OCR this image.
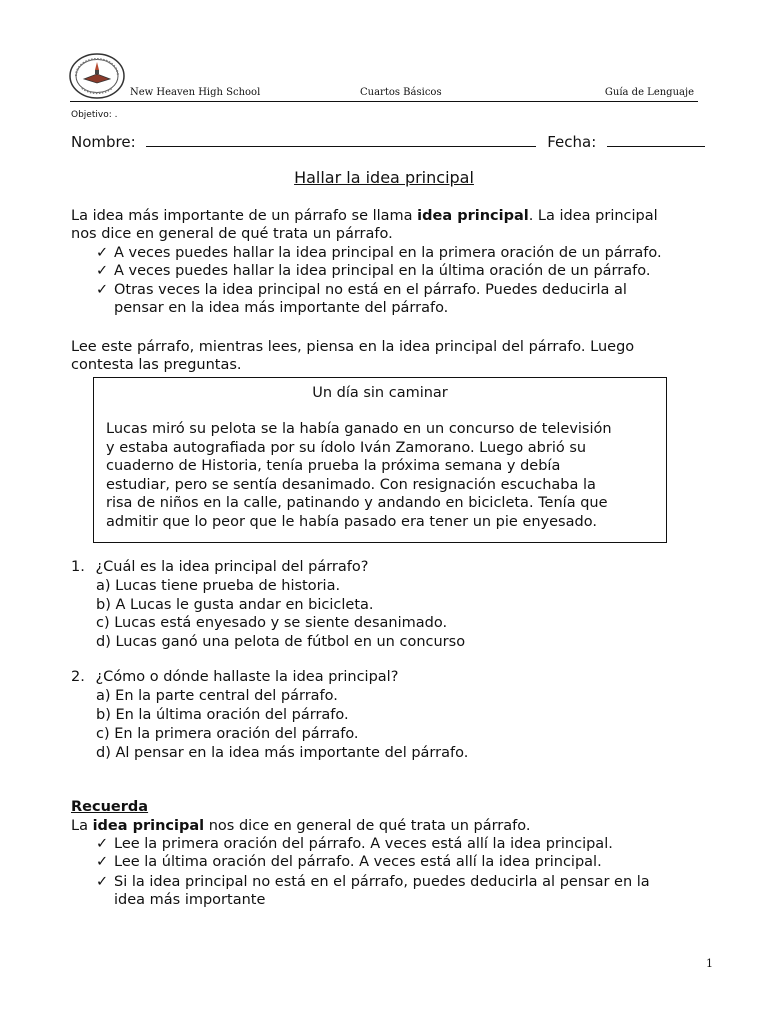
New Heaven High School	Cuartos Básicos	Guía de Lenguaje
Objetivo: .
Nombre:	Fecha:
Hallar la idea principal
La idea más importante de un párrafo se llama idea principal. La idea principal
nos dice en general de qué trata un párrafo.
✓ A veces puedes hallar la idea principal en la primera oración de un párrafo.
✓ A veces puedes hallar la idea principal en la última oración de un párrafo.
✓ Otras veces la idea principal no está en el párrafo. Puedes deducirla al
pensar en la idea más importante del párrafo.
Lee este párrafo, mientras lees, piensa en la idea principal del párrafo. Luego
contesta las preguntas.
Un día sin caminar
Lucas miró su pelota se la había ganado en un concurso de televisión
y estaba autografiada por su ídolo Iván Zamorano. Luego abrió su
cuaderno de Historia, tenía prueba la próxima semana y debía
estudiar, pero se sentía desanimado. Con resignación escuchaba la
risa de niños en la calle, patinando y andando en bicicleta. Tenía que
admitir que lo peor que le había pasado era tener un pie enyesado.
1. ¿Cuál es la idea principal del párrafo?
a) Lucas tiene prueba de historia.
b) A Lucas le gusta andar en bicicleta.
c) Lucas está enyesado y se siente desanimado.
d) Lucas ganó una pelota de fútbol en un concurso
2. ¿Cómo o dónde hallaste la idea principal?
a) En la parte central del párrafo.
b) En la última oración del párrafo.
c) En la primera oración del párrafo.
d) Al pensar en la idea más importante del párrafo.
Recuerda
La idea principal nos dice en general de qué trata un párrafo.
✓ Lee la primera oración del párrafo. A veces está allí la idea principal.
✓ Lee la última oración del párrafo. A veces está allí la idea principal.
✓ Si la idea principal no está en el párrafo, puedes deducirla al pensar en la
idea más importante
1
